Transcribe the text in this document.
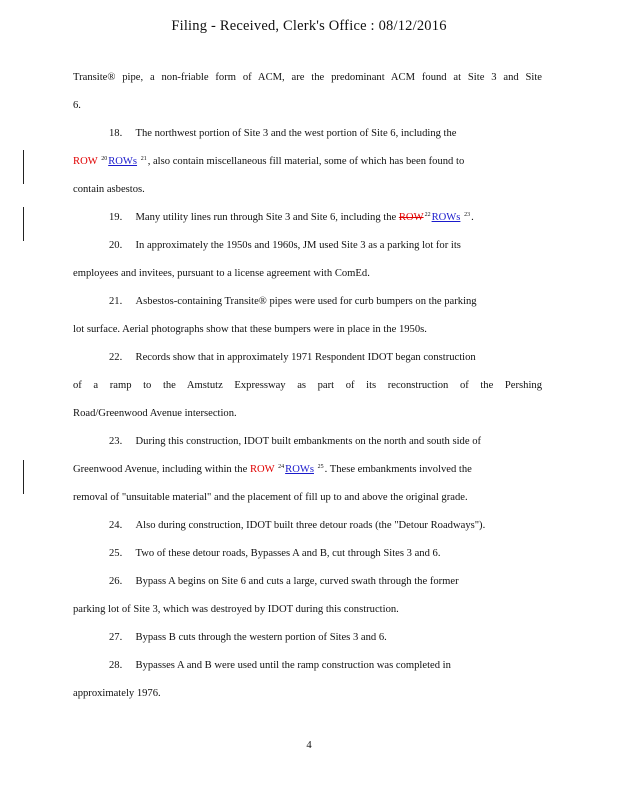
Filing - Received, Clerk's Office : 08/12/2016
Transite® pipe, a non-friable form of ACM, are the predominant ACM found at Site 3 and Site
6.
18. The northwest portion of Site 3 and the west portion of Site 6, including the
ROW $^{20}$ROWs $^{21}$, also contain miscellaneous fill material, some of which has been found to
contain asbestos.
19. Many utility lines run through Site 3 and Site 6, including the ROW$^{22}$ROWs $^{23}$.
20. In approximately the 1950s and 1960s, JM used Site 3 as a parking lot for its
employees and invitees, pursuant to a license agreement with ComEd.
21. Asbestos-containing Transite® pipes were used for curb bumpers on the parking
lot surface. Aerial photographs show that these bumpers were in place in the 1950s.
22. Records show that in approximately 1971 Respondent IDOT began construction
of a ramp to the Amstutz Expressway as part of its reconstruction of the Pershing
Road/Greenwood Avenue intersection.
23. During this construction, IDOT built embankments on the north and south side of
Greenwood Avenue, including within the ROW $^{24}$ROWs $^{25}$. These embankments involved the
removal of "unsuitable material" and the placement of fill up to and above the original grade.
24. Also during construction, IDOT built three detour roads (the "Detour Roadways").
25. Two of these detour roads, Bypasses A and B, cut through Sites 3 and 6.
26. Bypass A begins on Site 6 and cuts a large, curved swath through the former
parking lot of Site 3, which was destroyed by IDOT during this construction.
27. Bypass B cuts through the western portion of Sites 3 and 6.
28. Bypasses A and B were used until the ramp construction was completed in
approximately 1976.
4
